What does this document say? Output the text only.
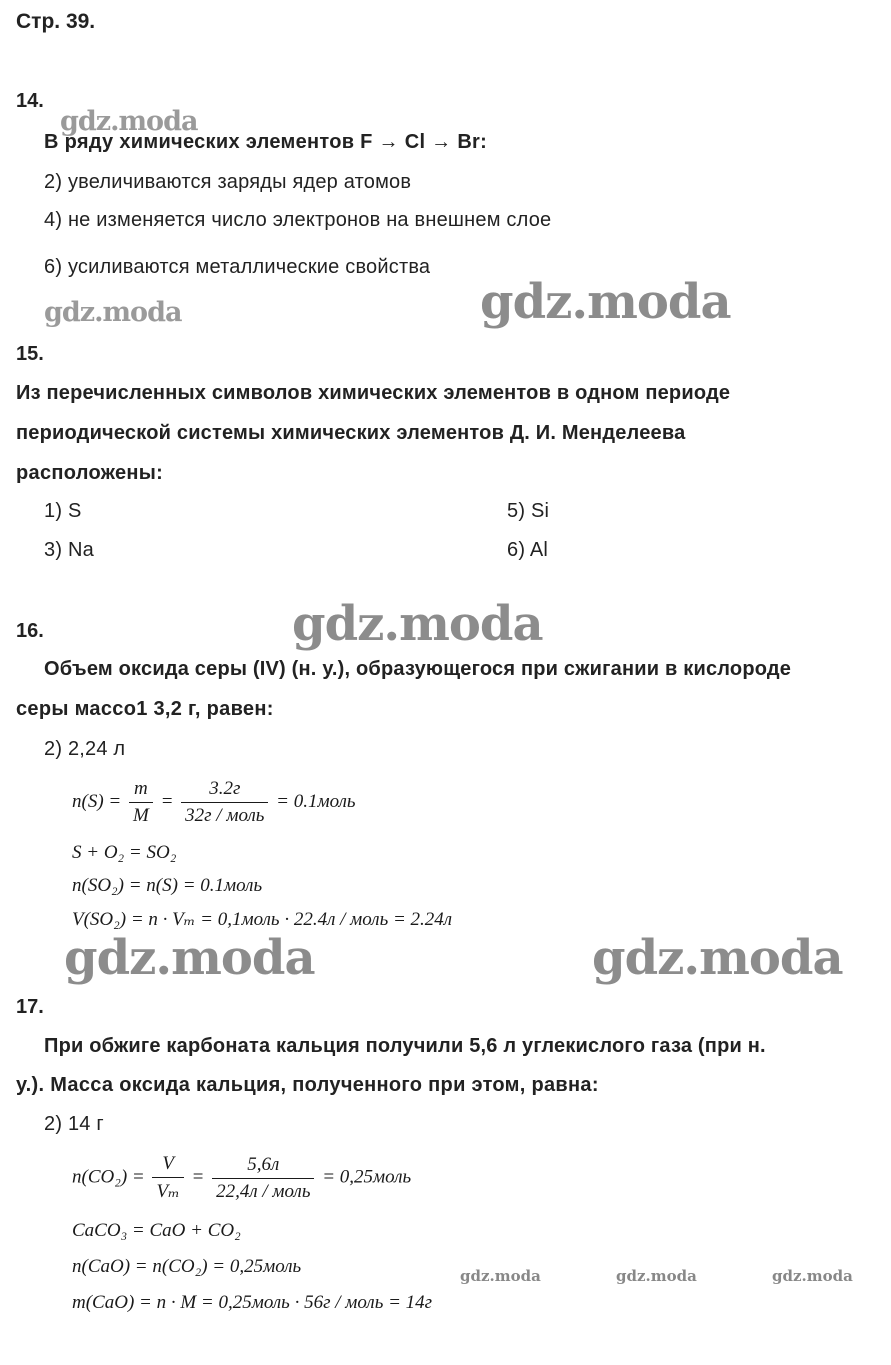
Стр. 39.
14.
gdz.moda
В ряду химических элементов F → Cl → Br:
2) увеличиваются заряды ядер атомов
4) не изменяется число электронов на внешнем слое
6) усиливаются металлические свойства
gdz.moda	gdz.moda
15.
Из перечисленных символов химических элементов в одном периоде
периодической системы химических элементов Д. И. Менделеева
расположены:
1) S
3) Na
5) Si
6) Al
gdz.moda
16.
Объем оксида серы (IV) (н. у.), образующегося при сжигании в кислороде
серы массо1 3,2 г, равен:
2) 2,24 л
$n(S) = \frac{m}{M} = \frac{3.2г}{\text{32г / моль}}$ = 0.1моль
S + O₂ = SO₂
n(SO₂) = n(S) = 0.1моль
V(SO₂) = n · Vₘ = 0,1моль · 22.4л / моль = 2.24л
gdz.moda	gdz.moda
17.
При обжиге карбоната кальция получили 5,6 л углекислого газа (при н.
у.). Масса оксида кальция, полученного при этом, равна:
2) 14 г
$n(CO_2) = \frac{V}{\text{Vₘ}} = \frac{5,6л}{\text{22,4л / моль}}$ = 0,25моль
CaCO₃ = CaO + CO₂
n(CaO) = n(CO₂) = 0,25моль
m(CaO) = n · M = 0,25моль · 56г / моль = 14г
gdz.moda	gdz.moda	gdz.moda
